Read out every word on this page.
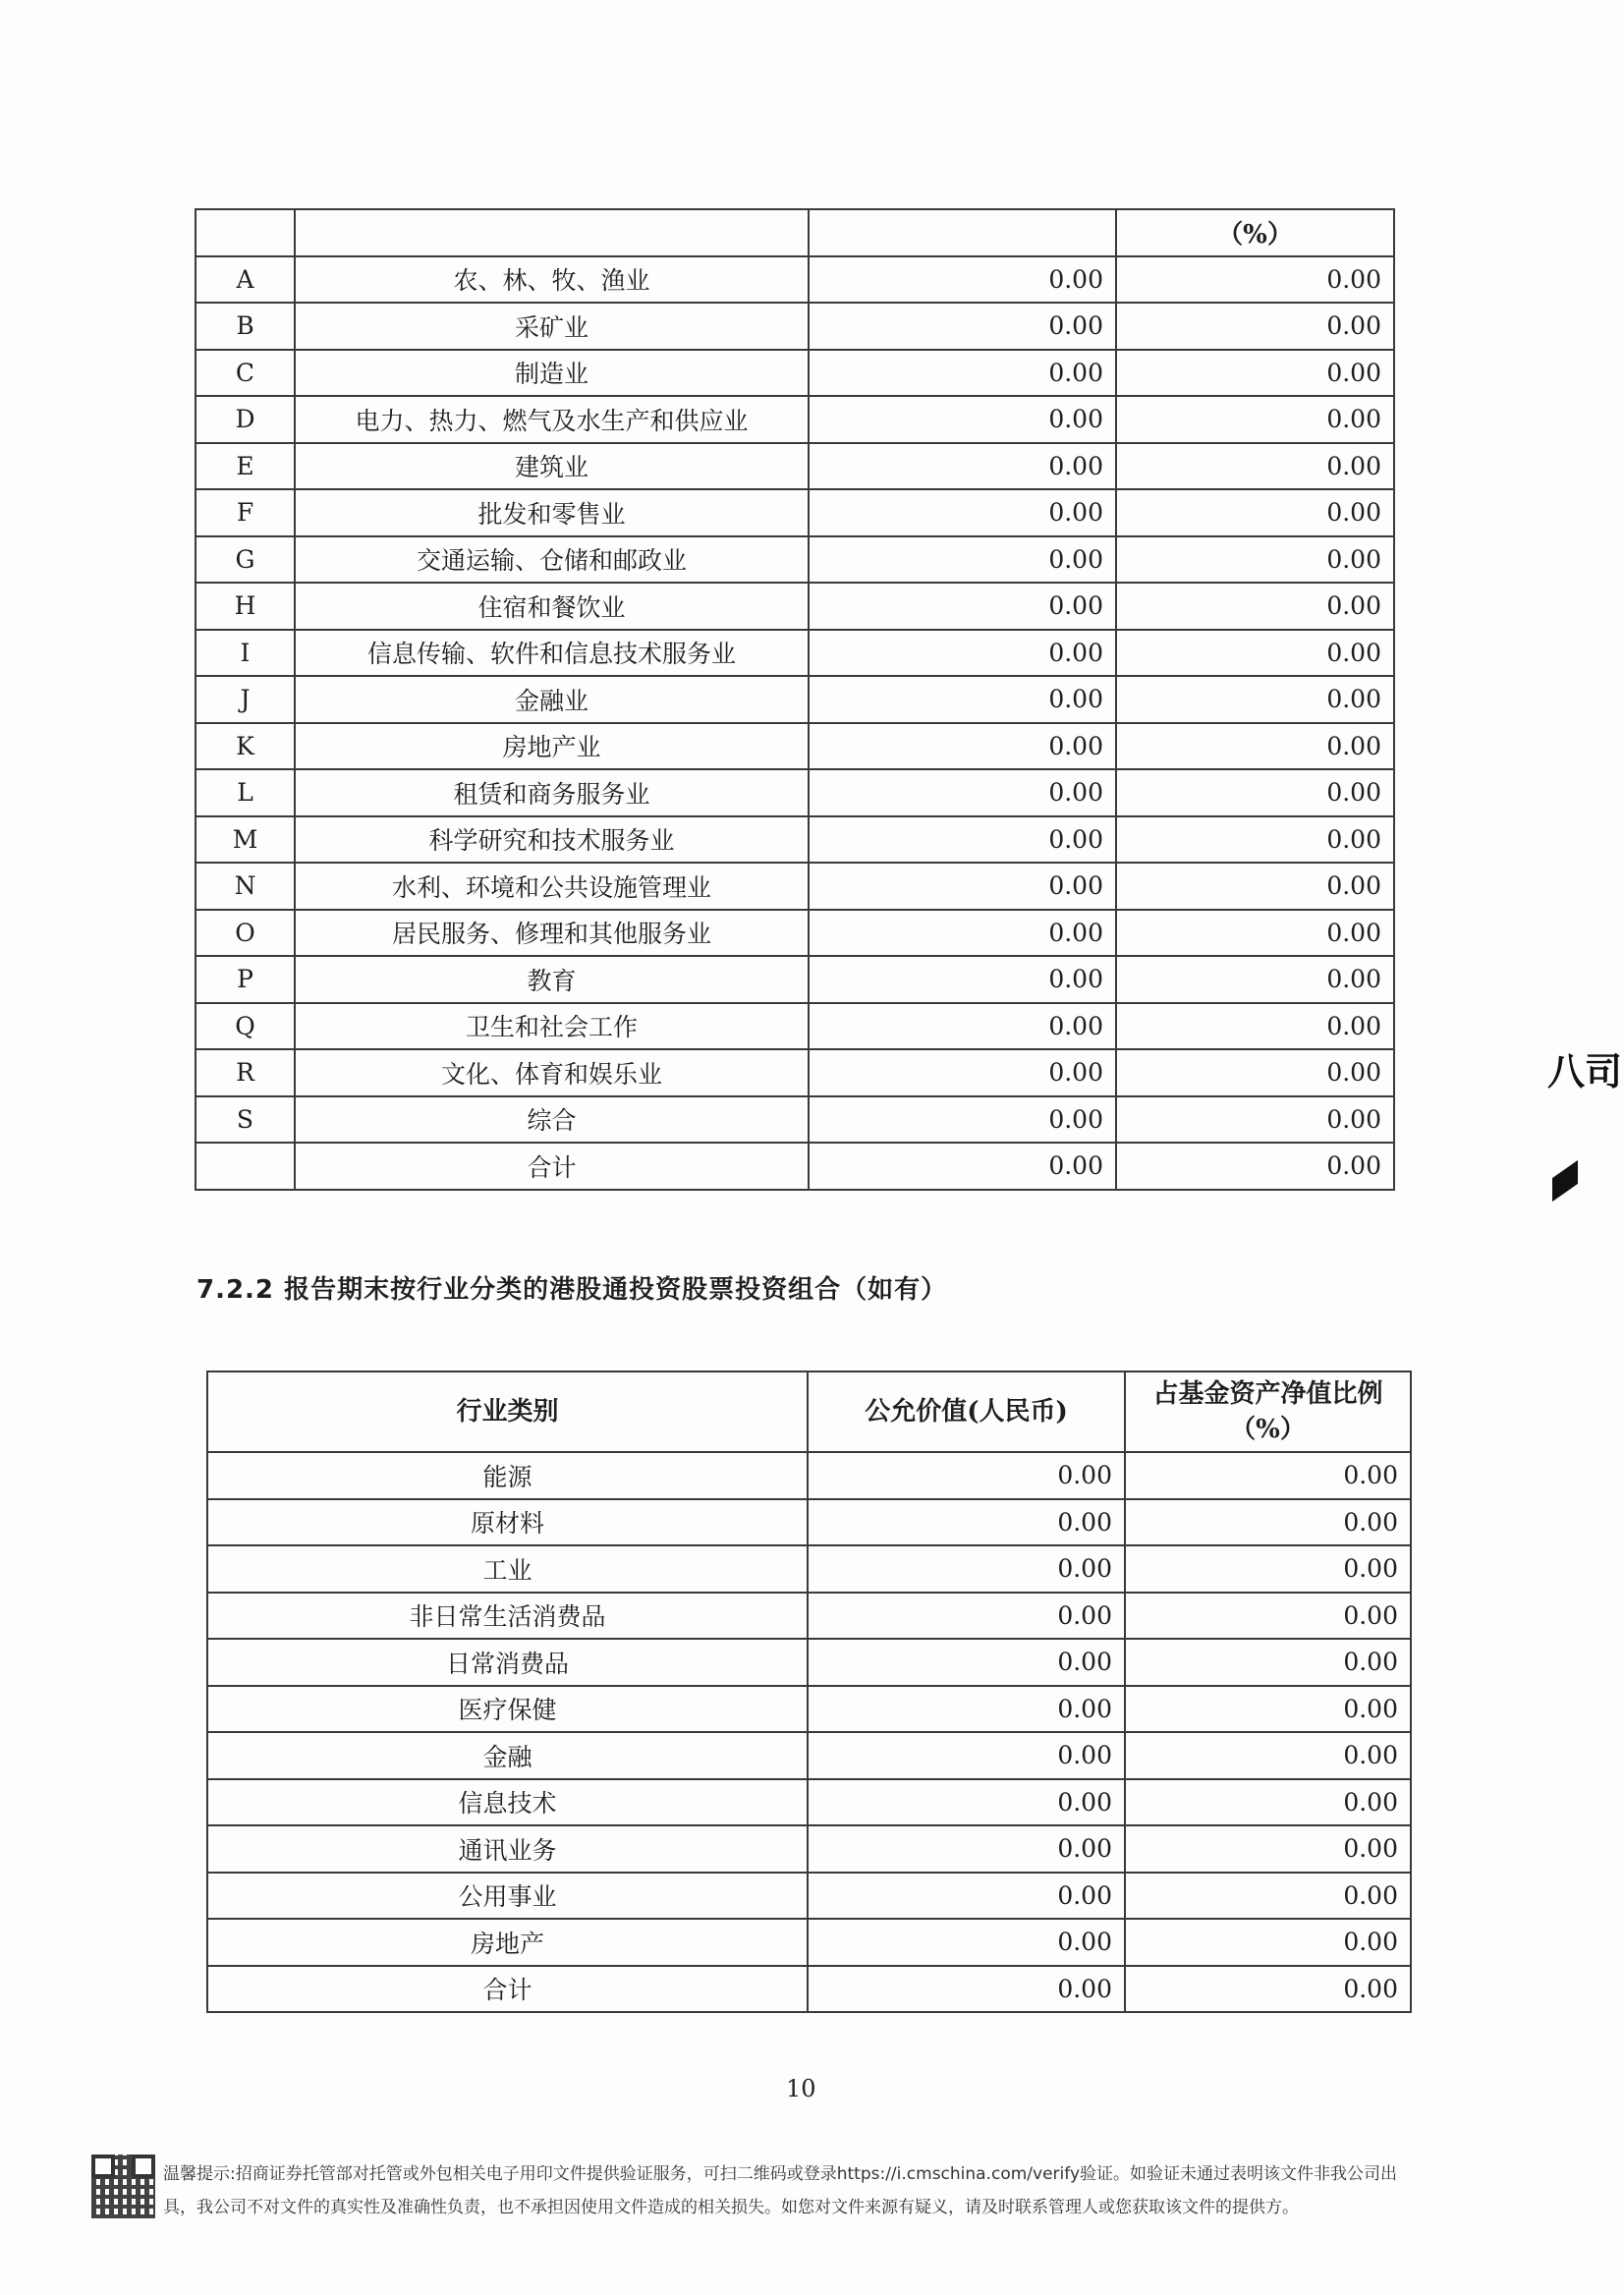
			（%）
A	农、林、牧、渔业	0.00	0.00
B	采矿业	0.00	0.00
C	制造业	0.00	0.00
D	电力、热力、燃气及水生产和供应业	0.00	0.00
E	建筑业	0.00	0.00
F	批发和零售业	0.00	0.00
G	交通运输、仓储和邮政业	0.00	0.00
H	住宿和餐饮业	0.00	0.00
I	信息传输、软件和信息技术服务业	0.00	0.00
J	金融业	0.00	0.00
K	房地产业	0.00	0.00
L	租赁和商务服务业	0.00	0.00
M	科学研究和技术服务业	0.00	0.00
N	水利、环境和公共设施管理业	0.00	0.00
O	居民服务、修理和其他服务业	0.00	0.00
P	教育	0.00	0.00
Q	卫生和社会工作	0.00	0.00
R	文化、体育和娱乐业	0.00	0.00
S	综合	0.00	0.00
	合计	0.00	0.00
7.2.2 报告期末按行业分类的港股通投资股票投资组合（如有）
行业类别	公允价值(人民币)	占基金资产净值比例
（%）

能源	0.00	0.00
原材料	0.00	0.00
工业	0.00	0.00
非日常生活消费品	0.00	0.00
日常消费品	0.00	0.00
医疗保健	0.00	0.00
金融	0.00	0.00
信息技术	0.00	0.00
通讯业务	0.00	0.00
公用事业	0.00	0.00
房地产	0.00	0.00
合计	0.00	0.00
10
温馨提示:招商证券托管部对托管或外包相关电子用印文件提供验证服务，可扫二维码或登录https://i.cmschina.com/verify验证。如验证未通过表明该文件非我公司出
具，我公司不对文件的真实性及准确性负责，也不承担因使用文件造成的相关损失。如您对文件来源有疑义，请及时联系管理人或您获取该文件的提供方。
八司
